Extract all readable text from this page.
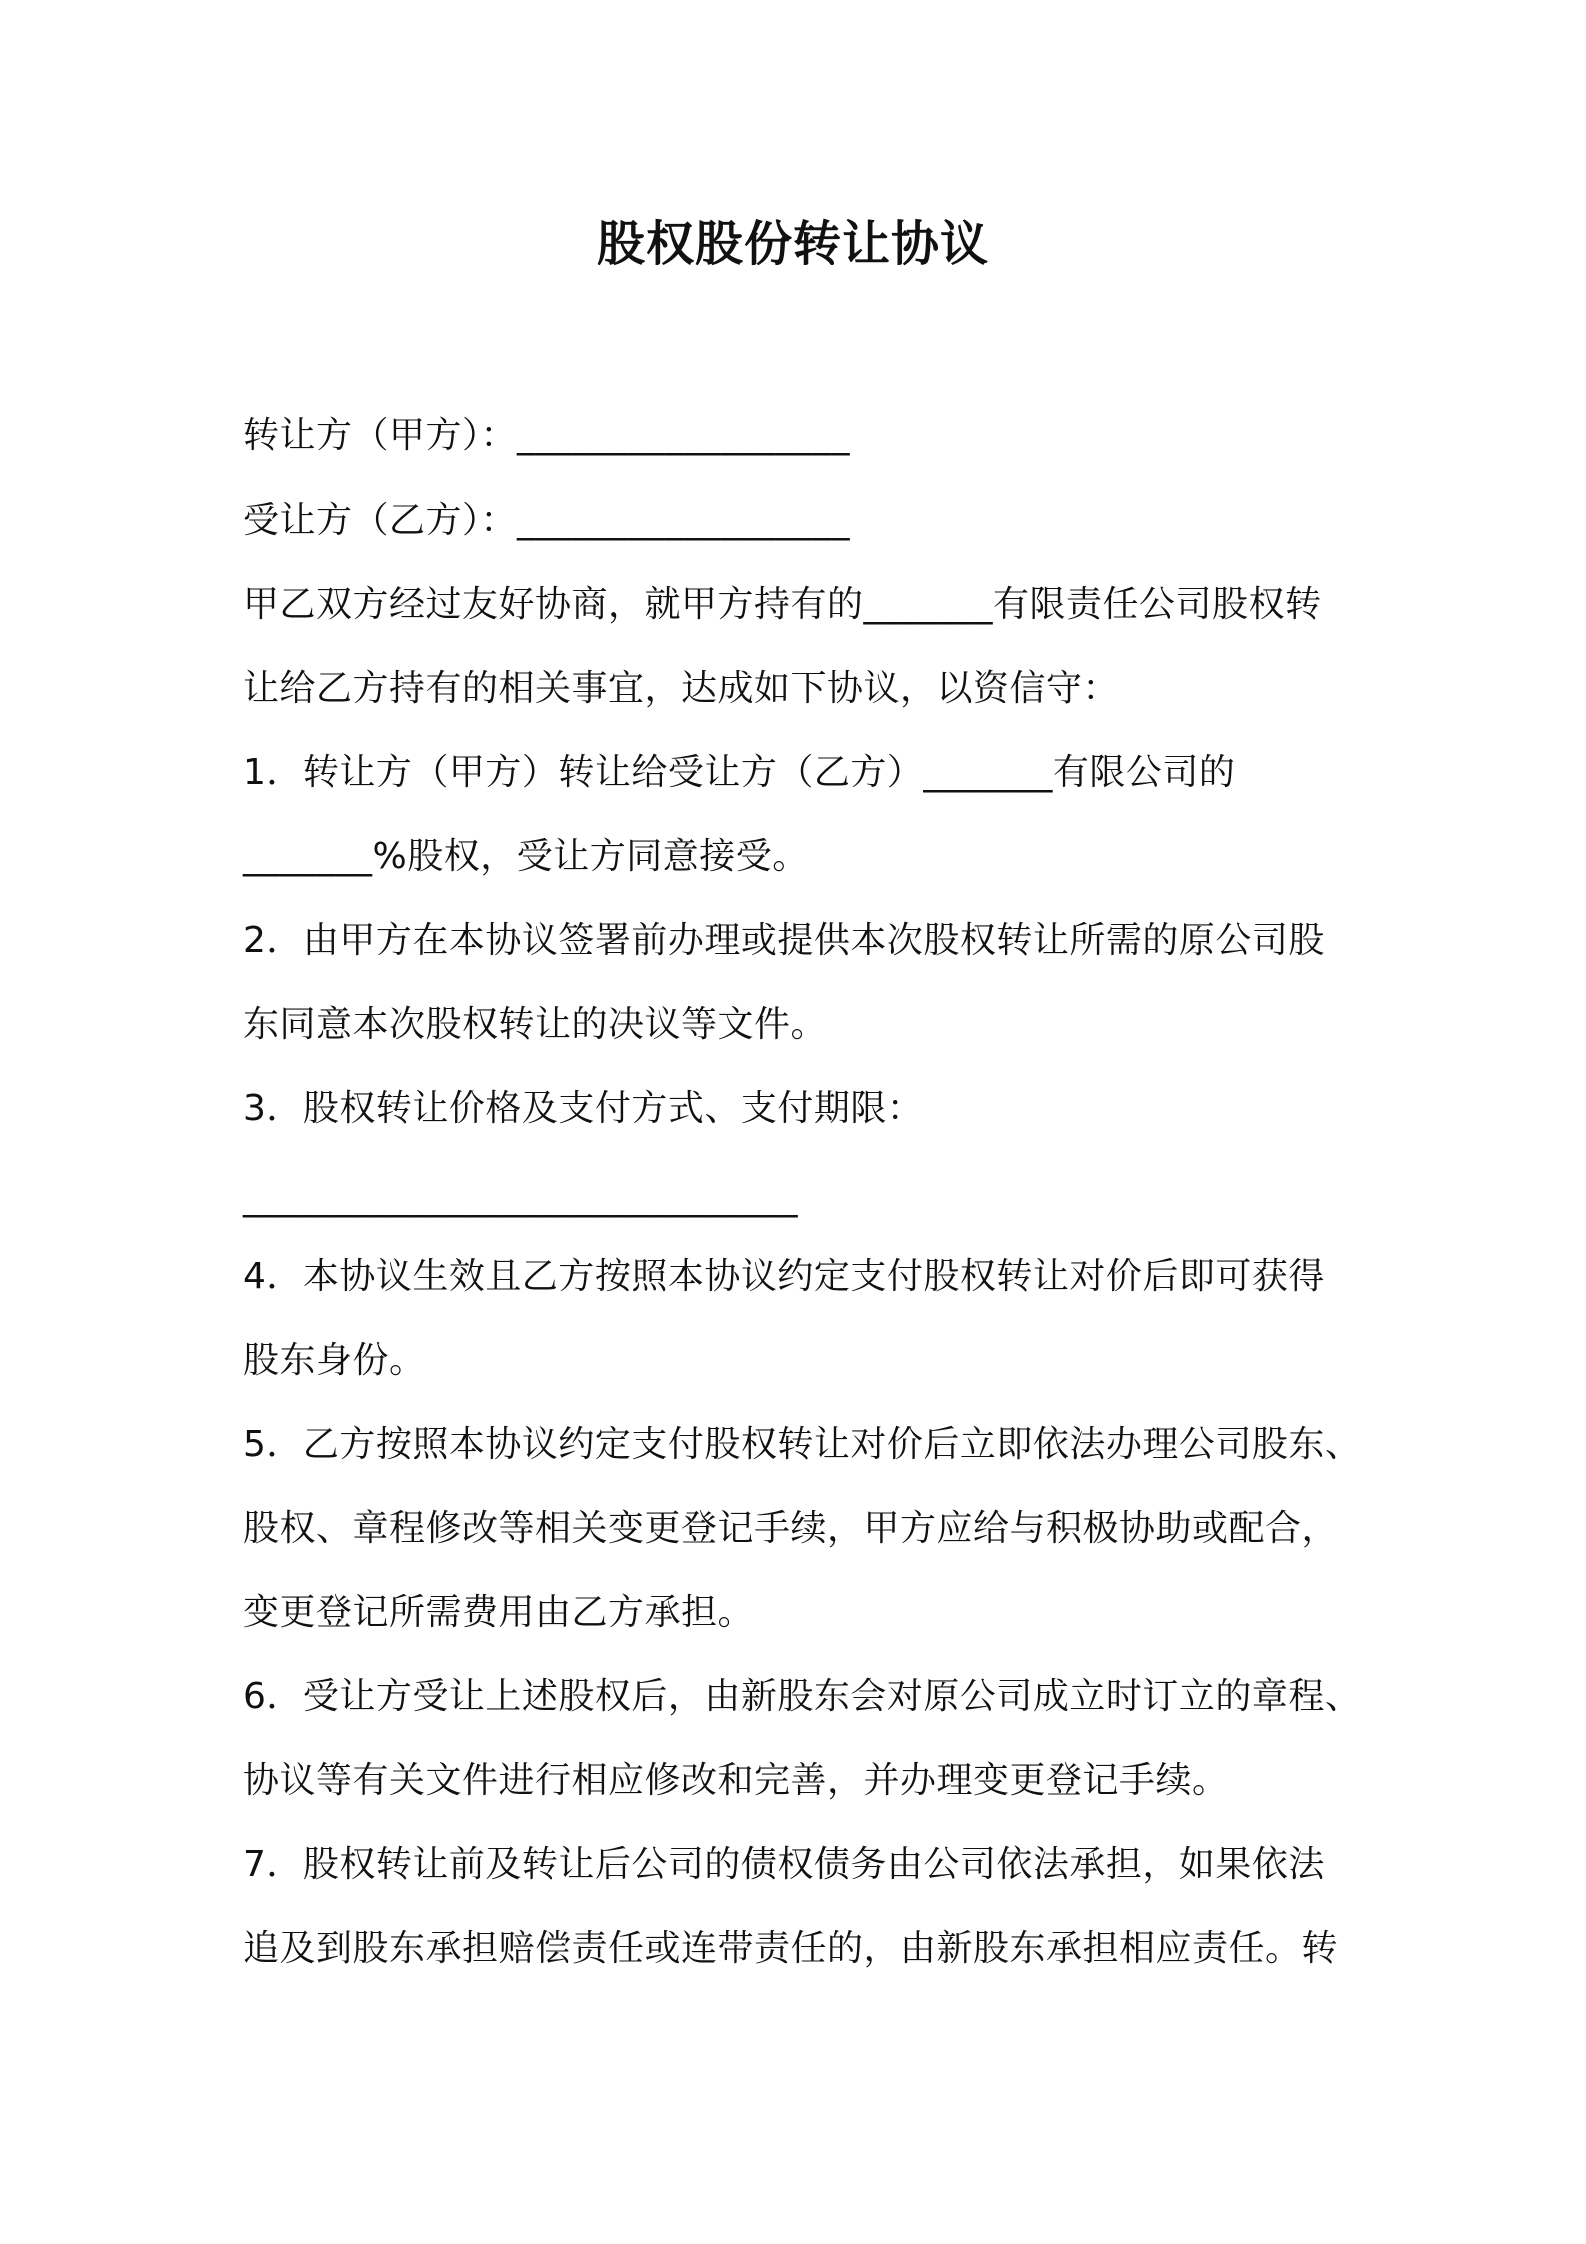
股权股份转让协议
转让方（甲方）：__________________
受让方（乙方）：__________________
甲乙双方经过友好协商，就甲方持有的_______有限责任公司股权转
让给乙方持有的相关事宜，达成如下协议，以资信守：
1．转让方（甲方）转让给受让方（乙方）_______有限公司的
_______%股权，受让方同意接受。
2．由甲方在本协议签署前办理或提供本次股权转让所需的原公司股
东同意本次股权转让的决议等文件。
3．股权转让价格及支付方式、支付期限：
______________________________
4．本协议生效且乙方按照本协议约定支付股权转让对价后即可获得
股东身份。
5．乙方按照本协议约定支付股权转让对价后立即依法办理公司股东、
股权、章程修改等相关变更登记手续，甲方应给与积极协助或配合，
变更登记所需费用由乙方承担。
6．受让方受让上述股权后，由新股东会对原公司成立时订立的章程、
协议等有关文件进行相应修改和完善，并办理变更登记手续。
7．股权转让前及转让后公司的债权债务由公司依法承担，如果依法
追及到股东承担赔偿责任或连带责任的，由新股东承担相应责任。转
